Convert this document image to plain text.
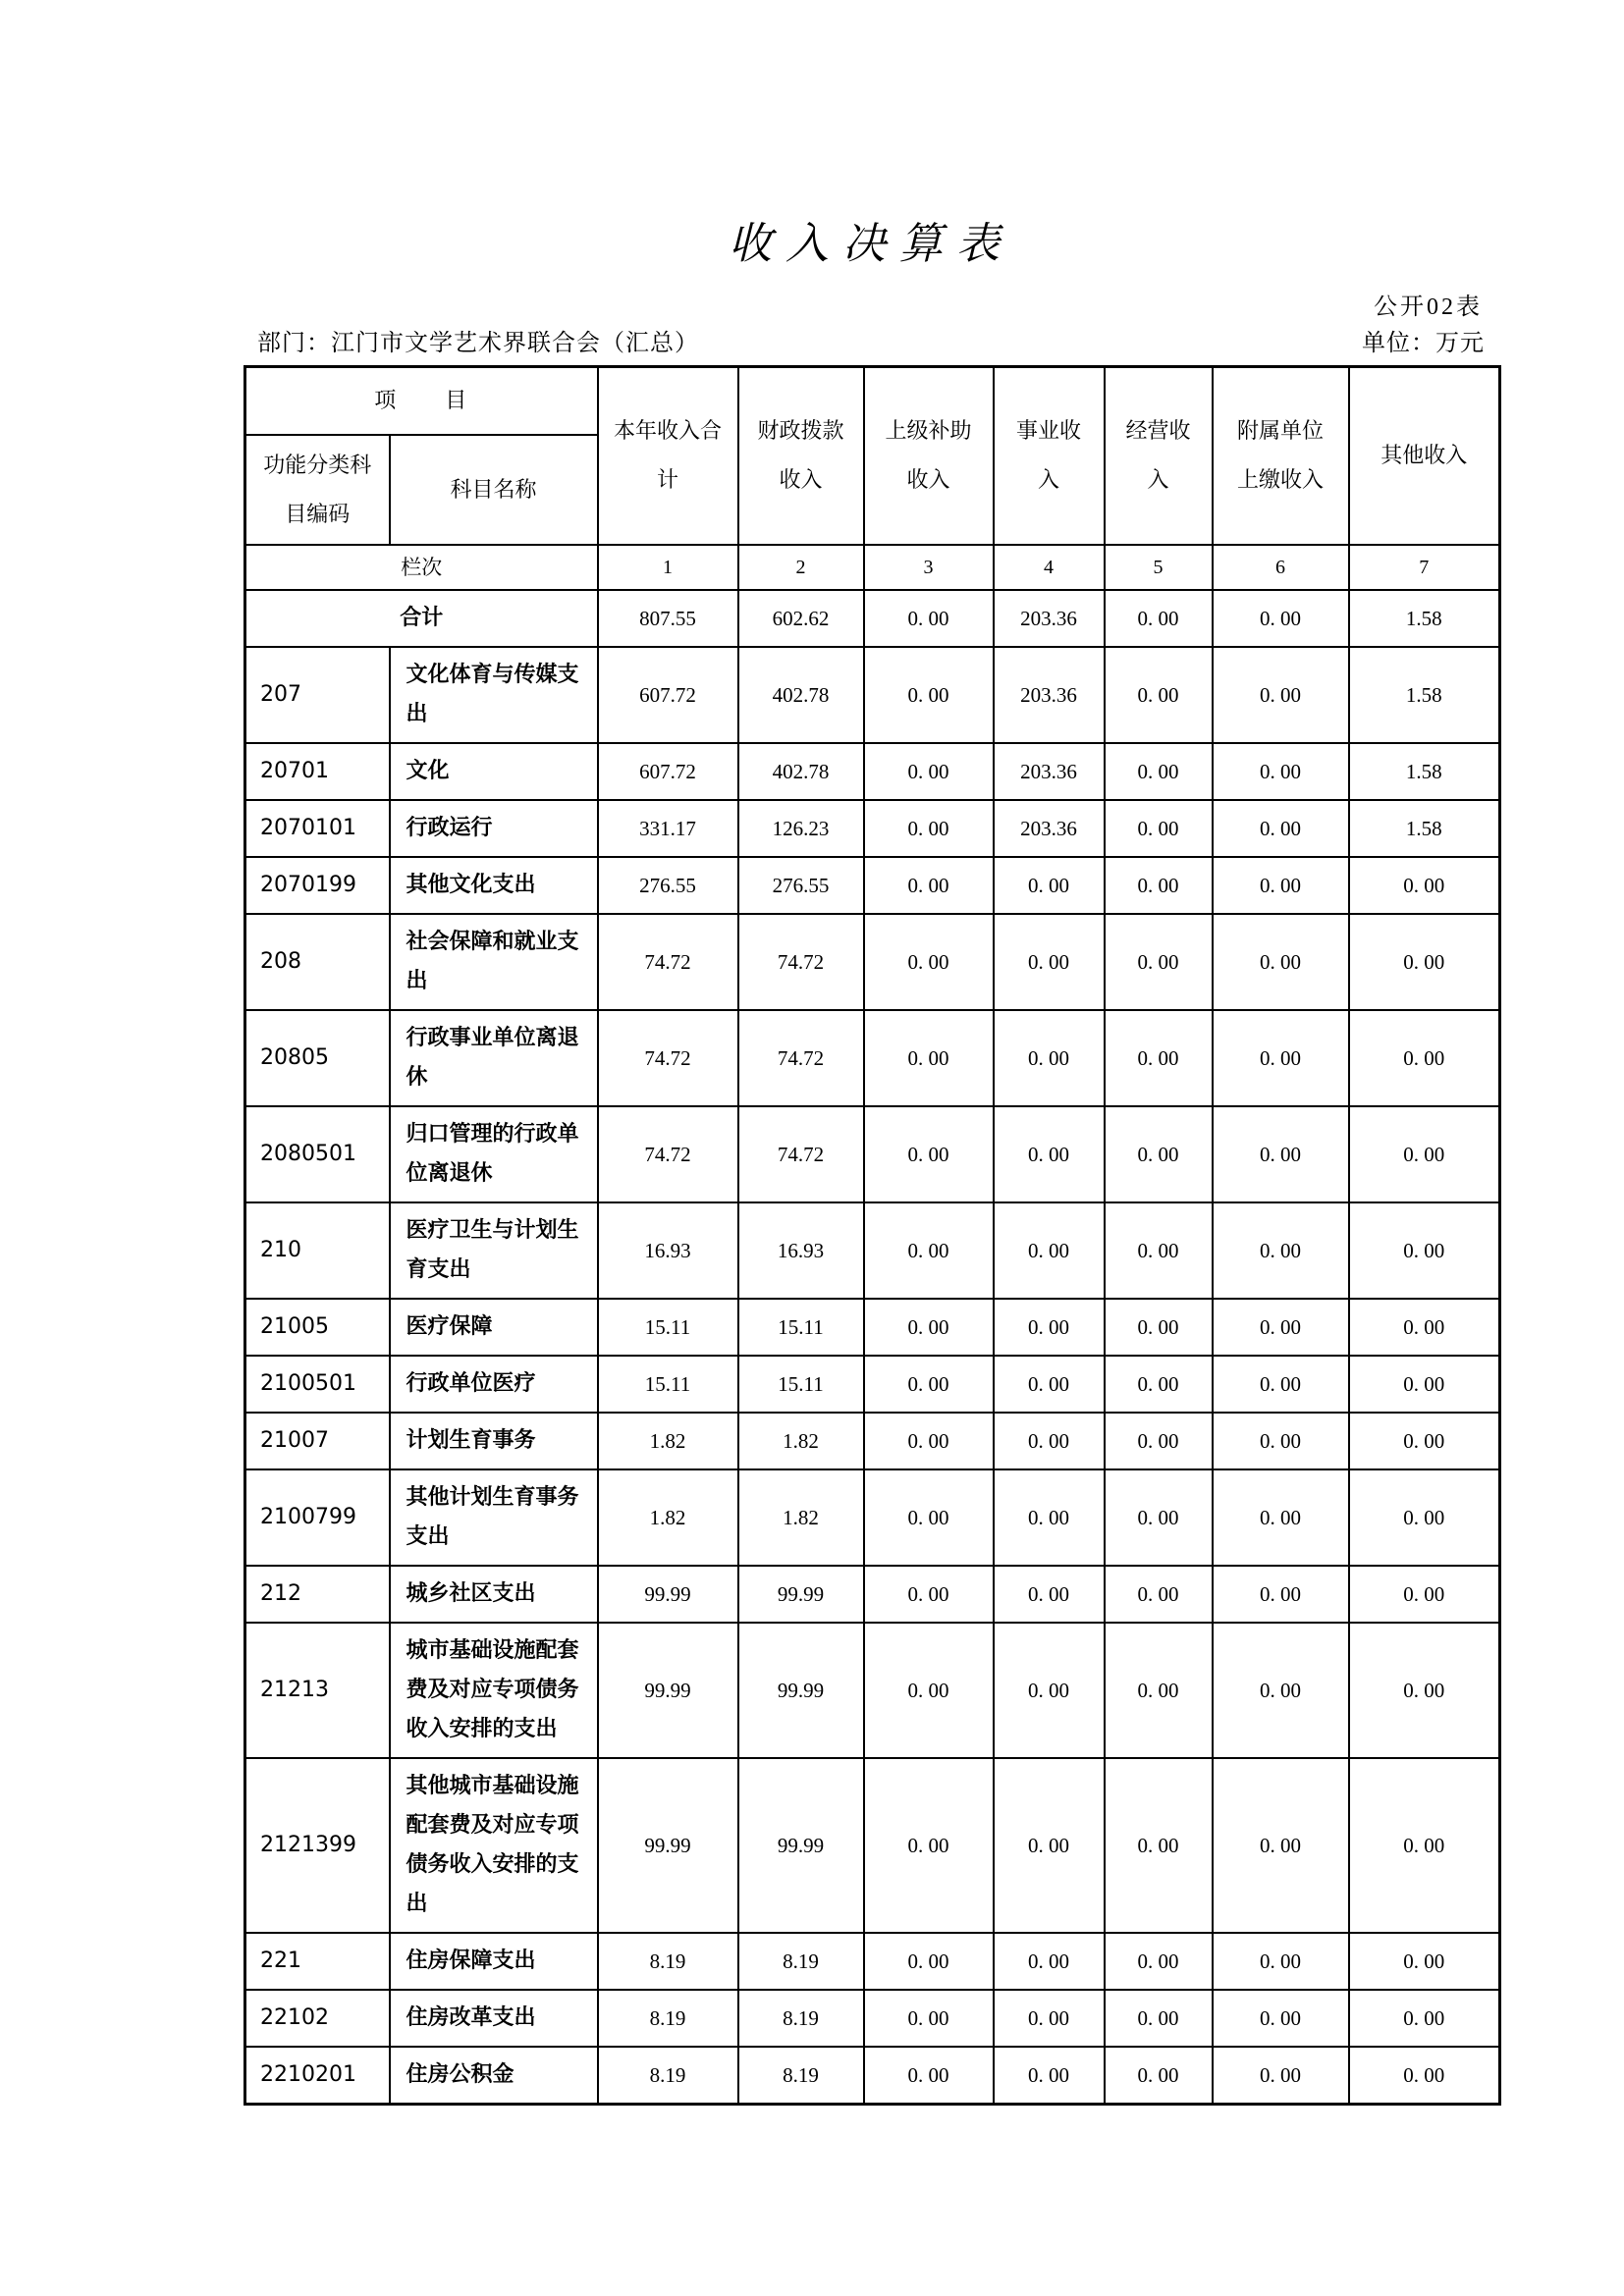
收入决算表
公开02表
部门：江门市文学艺术界联合会（汇总）	单位：万元
项　　目		本年收入合计	财政拨款收入	上级补助收入	事业收入	经营收入	附属单位上缴收入	其他收入
功能分类科目编码	科目名称							
栏次		1	2	3	4	5	6	7
合计		807.55	602.62	0. 00	203.36	0. 00	0. 00	1.58
207	文化体育与传媒支出	607.72	402.78	0. 00	203.36	0. 00	0. 00	1.58
20701	文化	607.72	402.78	0. 00	203.36	0. 00	0. 00	1.58
2070101	行政运行	331.17	126.23	0. 00	203.36	0. 00	0. 00	1.58
2070199	其他文化支出	276.55	276.55	0. 00	0. 00	0. 00	0. 00	0. 00
208	社会保障和就业支出	74.72	74.72	0. 00	0. 00	0. 00	0. 00	0. 00
20805	行政事业单位离退休	74.72	74.72	0. 00	0. 00	0. 00	0. 00	0. 00
2080501	归口管理的行政单位离退休	74.72	74.72	0. 00	0. 00	0. 00	0. 00	0. 00
210	医疗卫生与计划生育支出	16.93	16.93	0. 00	0. 00	0. 00	0. 00	0. 00
21005	医疗保障	15.11	15.11	0. 00	0. 00	0. 00	0. 00	0. 00
2100501	行政单位医疗	15.11	15.11	0. 00	0. 00	0. 00	0. 00	0. 00
21007	计划生育事务	1.82	1.82	0. 00	0. 00	0. 00	0. 00	0. 00
2100799	其他计划生育事务支出	1.82	1.82	0. 00	0. 00	0. 00	0. 00	0. 00
212	城乡社区支出	99.99	99.99	0. 00	0. 00	0. 00	0. 00	0. 00
21213	城市基础设施配套费及对应专项债务收入安排的支出	99.99	99.99	0. 00	0. 00	0. 00	0. 00	0. 00
2121399	其他城市基础设施配套费及对应专项债务收入安排的支出	99.99	99.99	0. 00	0. 00	0. 00	0. 00	0. 00
221	住房保障支出	8.19	8.19	0. 00	0. 00	0. 00	0. 00	0. 00
22102	住房改革支出	8.19	8.19	0. 00	0. 00	0. 00	0. 00	0. 00
2210201	住房公积金	8.19	8.19	0. 00	0. 00	0. 00	0. 00	0. 00
